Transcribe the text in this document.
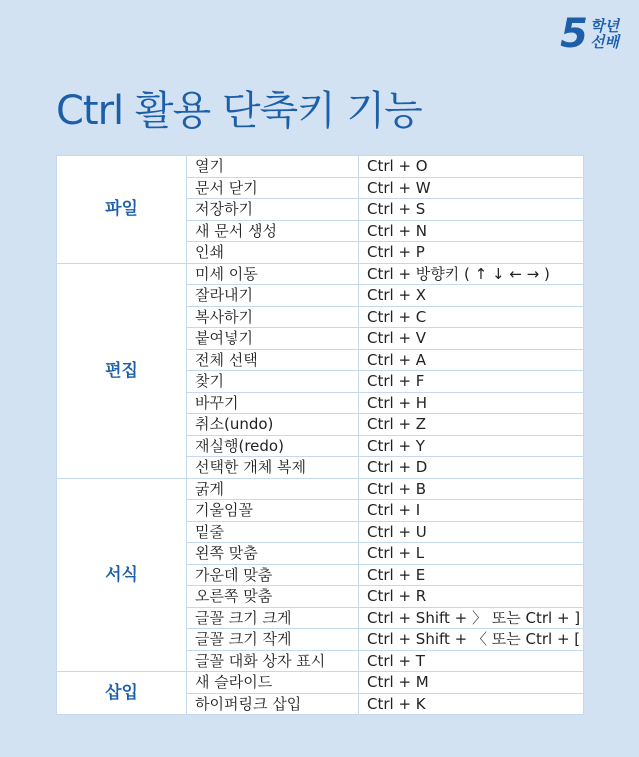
5 학년
선배
Ctrl 활용 단축키 기능
파일	열기	Ctrl + O
	문서 닫기	Ctrl + W
	저장하기	Ctrl + S
	새 문서 생성	Ctrl + N
	인쇄	Ctrl + P
편집	미세 이동	Ctrl + 방향키 ( ↑ ↓ ← → )
	잘라내기	Ctrl + X
	복사하기	Ctrl + C
	붙여넣기	Ctrl + V
	전체 선택	Ctrl + A
	찾기	Ctrl + F
	바꾸기	Ctrl + H
	취소(undo)	Ctrl + Z
	재실행(redo)	Ctrl + Y
	선택한 개체 복제	Ctrl + D
서식	굵게	Ctrl + B
	기울임꼴	Ctrl + I
	밑줄	Ctrl + U
	왼쪽 맞춤	Ctrl + L
	가운데 맞춤	Ctrl + E
	오른쪽 맞춤	Ctrl + R
	글꼴 크기 크게	Ctrl + Shift + 〉 또는 Ctrl + ]
	글꼴 크기 작게	Ctrl + Shift + 〈 또는 Ctrl + [
	글꼴 대화 상자 표시	Ctrl + T
삽입	새 슬라이드	Ctrl + M
	하이퍼링크 삽입	Ctrl + K
